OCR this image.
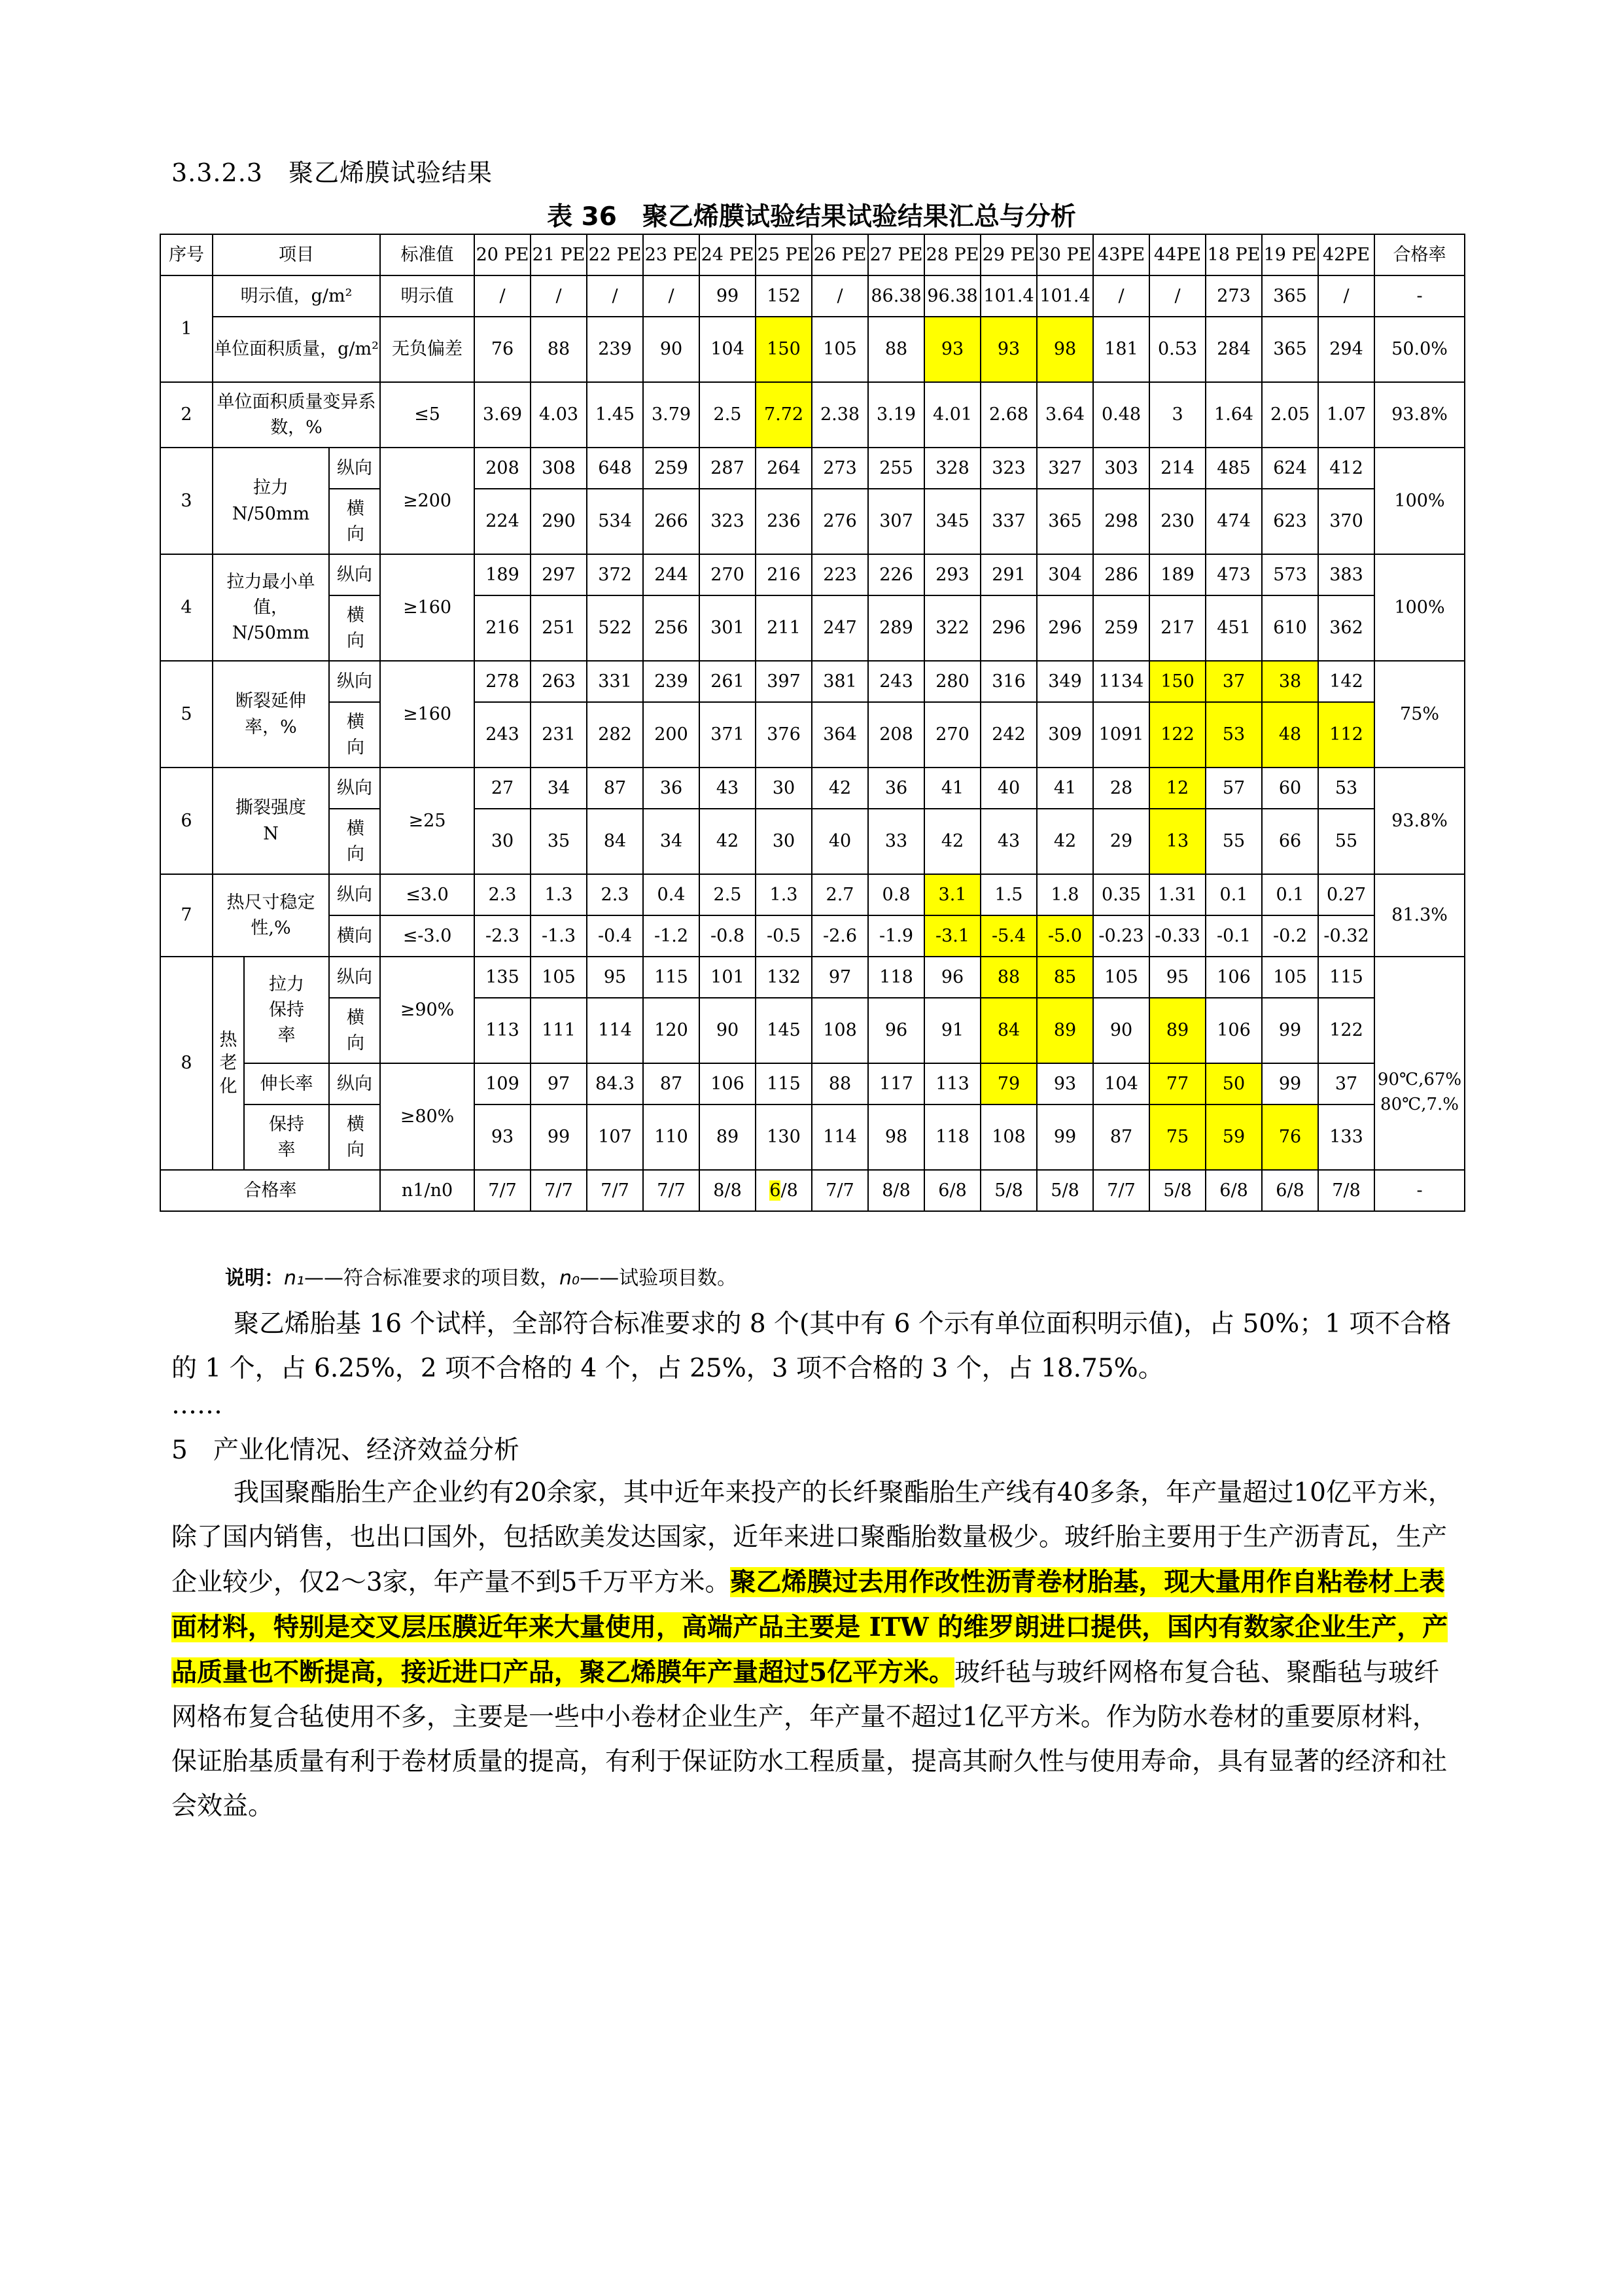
3.3.2.3　聚乙烯膜试验结果
表 36　聚乙烯膜试验结果试验结果汇总与分析
序号	项目			标准值	20 PE	21 PE	22 PE	23 PE	24 PE	25 PE	26 PE	27 PE	28 PE	29 PE	30 PE	43PE	44PE	18 PE	19 PE	42PE	合格率
1	明示值，g/m²			明示值	/	/	/	/	99	152	/	86.38	96.38	101.4	101.4	/	/	273	365	/	-
	单位面积质量，g/m²			无负偏差	76	88	239	90	104	150	105	88	93	93	98	181	0.53	284	365	294	50.0%
2	单位面积质量变异系数，%			≤5	3.69	4.03	1.45	3.79	2.5	7.72	2.38	3.19	4.01	2.68	3.64	0.48	3	1.64	2.05	1.07	93.8%
3	拉力 N/50mm		纵向	≥200	208	308	648	259	287	264	273	255	328	323	327	303	214	485	624	412	100%
			横向		224	290	534	266	323	236	276	307	345	337	365	298	230	474	623	370	
4	拉力最小单值，N/50mm		纵向	≥160	189	297	372	244	270	216	223	226	293	291	304	286	189	473	573	383	100%
			横向		216	251	522	256	301	211	247	289	322	296	296	259	217	451	610	362	
5	断裂延伸率，%		纵向	≥160	278	263	331	239	261	397	381	243	280	316	349	1134	150	37	38	142	75%
			横向		243	231	282	200	371	376	364	208	270	242	309	1091	122	53	48	112	
6	撕裂强度 N		纵向	≥25	27	34	87	36	43	30	42	36	41	40	41	28	12	57	60	53	93.8%
			横向		30	35	84	34	42	30	40	33	42	43	42	29	13	55	66	55	
7	热尺寸稳定性,%		纵向	≤3.0	2.3	1.3	2.3	0.4	2.5	1.3	2.7	0.8	3.1	1.5	1.8	0.35	1.31	0.1	0.1	0.27	81.3%
			横向	≤-3.0	-2.3	-1.3	-0.4	-1.2	-0.8	-0.5	-2.6	-1.9	-3.1	-5.4	-5.0	-0.23	-0.33	-0.1	-0.2	-0.32	
8	热老化	拉力保持率	纵向	≥90%	135	105	95	115	101	132	97	118	96	88	85	105	95	106	105	115	90℃,67% 80℃,7.%
			横向		113	111	114	120	90	145	108	96	91	84	89	90	89	106	99	122	
		伸长率	纵向	≥80%	109	97	84.3	87	106	115	88	117	113	79	93	104	77	50	99	37	
		保持率	横向		93	99	107	110	89	130	114	98	118	108	99	87	75	59	76	133	
合格率				n1/n0	7/7	7/7	7/7	7/7	8/8	6/8	7/7	8/8	6/8	5/8	5/8	7/7	5/8	6/8	6/8	7/8	-
说明：n₁——符合标准要求的项目数，n₀——试验项目数。
聚乙烯胎基 16 个试样，全部符合标准要求的 8 个(其中有 6 个示有单位面积明示值)，占 50%；1 项不合格的 1 个，占 6.25%，2 项不合格的 4 个，占 25%，3 项不合格的 3 个，占 18.75%。
……
5　产业化情况、经济效益分析
我国聚酯胎生产企业约有20余家，其中近年来投产的长纤聚酯胎生产线有40多条，年产量超过10亿平方米，除了国内销售，也出口国外，包括欧美发达国家，近年来进口聚酯胎数量极少。玻纤胎主要用于生产沥青瓦，生产企业较少，仅2～3家，年产量不到5千万平方米。聚乙烯膜过去用作改性沥青卷材胎基，现大量用作自粘卷材上表面材料，特别是交叉层压膜近年来大量使用，高端产品主要是 ITW 的维罗朗进口提供，国内有数家企业生产，产品质量也不断提高，接近进口产品，聚乙烯膜年产量超过5亿平方米。玻纤毡与玻纤网格布复合毡、聚酯毡与玻纤网格布复合毡使用不多，主要是一些中小卷材企业生产，年产量不超过1亿平方米。作为防水卷材的重要原材料，保证胎基质量有利于卷材质量的提高，有利于保证防水工程质量，提高其耐久性与使用寿命，具有显著的经济和社会效益。
